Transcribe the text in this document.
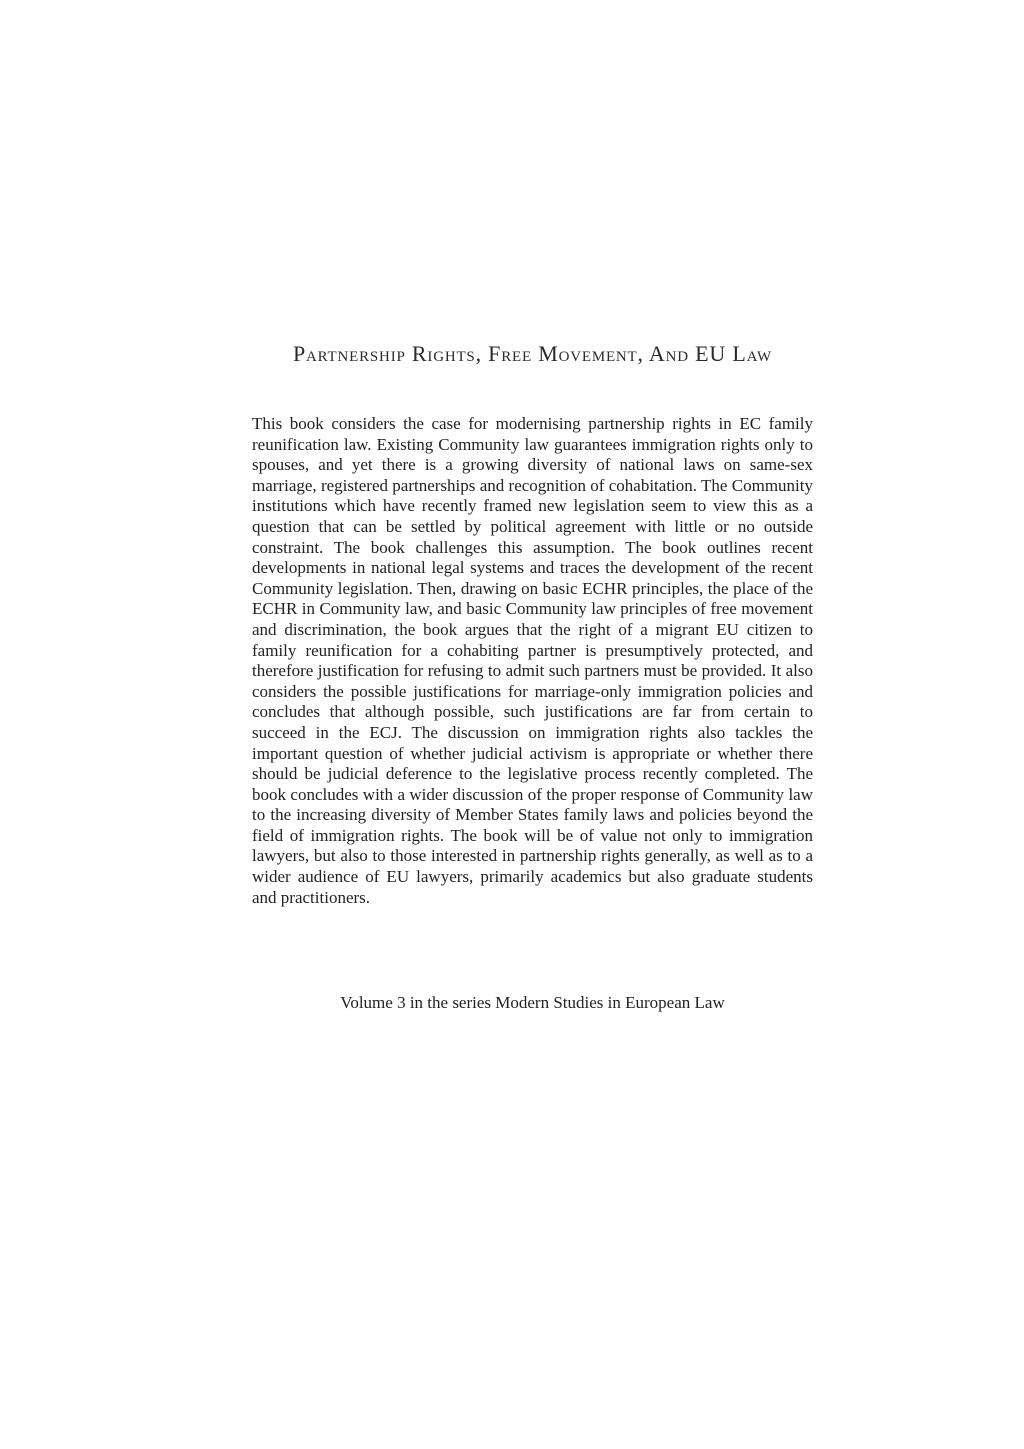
Partnership Rights, Free Movement, And EU Law

This book considers the case for modernising partnership rights in EC family reunification law. Existing Community law guarantees immigration rights only to spouses, and yet there is a growing diversity of national laws on same-sex marriage, registered partnerships and recognition of cohabitation. The Community institutions which have recently framed new legislation seem to view this as a question that can be settled by political agreement with little or no outside constraint. The book challenges this assumption. The book outlines recent developments in national legal systems and traces the development of the recent Community legislation. Then, drawing on basic ECHR principles, the place of the ECHR in Community law, and basic Community law principles of free movement and discrimination, the book argues that the right of a migrant EU citizen to family reunification for a cohabiting partner is presumptively protected, and therefore justification for refusing to admit such partners must be provided. It also considers the possible justifications for marriage-only immigration policies and concludes that although possible, such justifications are far from certain to succeed in the ECJ. The discussion on immigration rights also tackles the important question of whether judicial activism is appropriate or whether there should be judicial deference to the legislative process recently completed. The book concludes with a wider discussion of the proper response of Community law to the increasing diversity of Member States family laws and policies beyond the field of immigration rights. The book will be of value not only to immigration lawyers, but also to those interested in partnership rights generally, as well as to a wider audience of EU lawyers, primarily academics but also graduate students and practitioners.

Volume 3 in the series Modern Studies in European Law
